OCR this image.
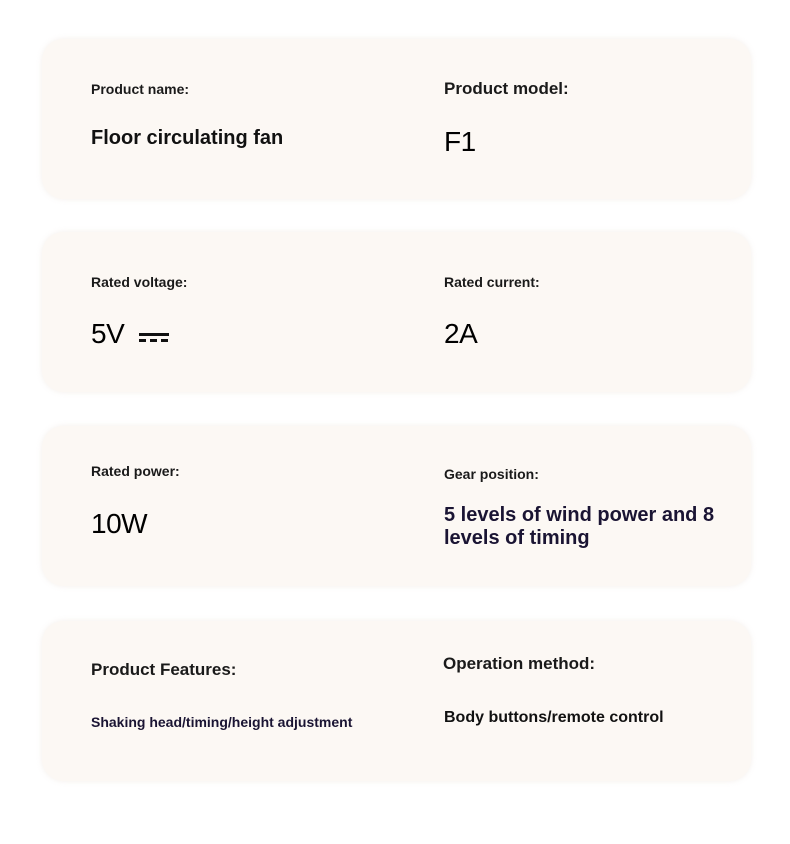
Product name:
Floor circulating fan
Product model:
F1
Rated voltage:
5V
Rated current:
2A
Rated power:
10W
Gear position:
5 levels of wind power and 8 levels of timing
Product Features:
Shaking head/timing/height adjustment
Operation method:
Body buttons/remote control
